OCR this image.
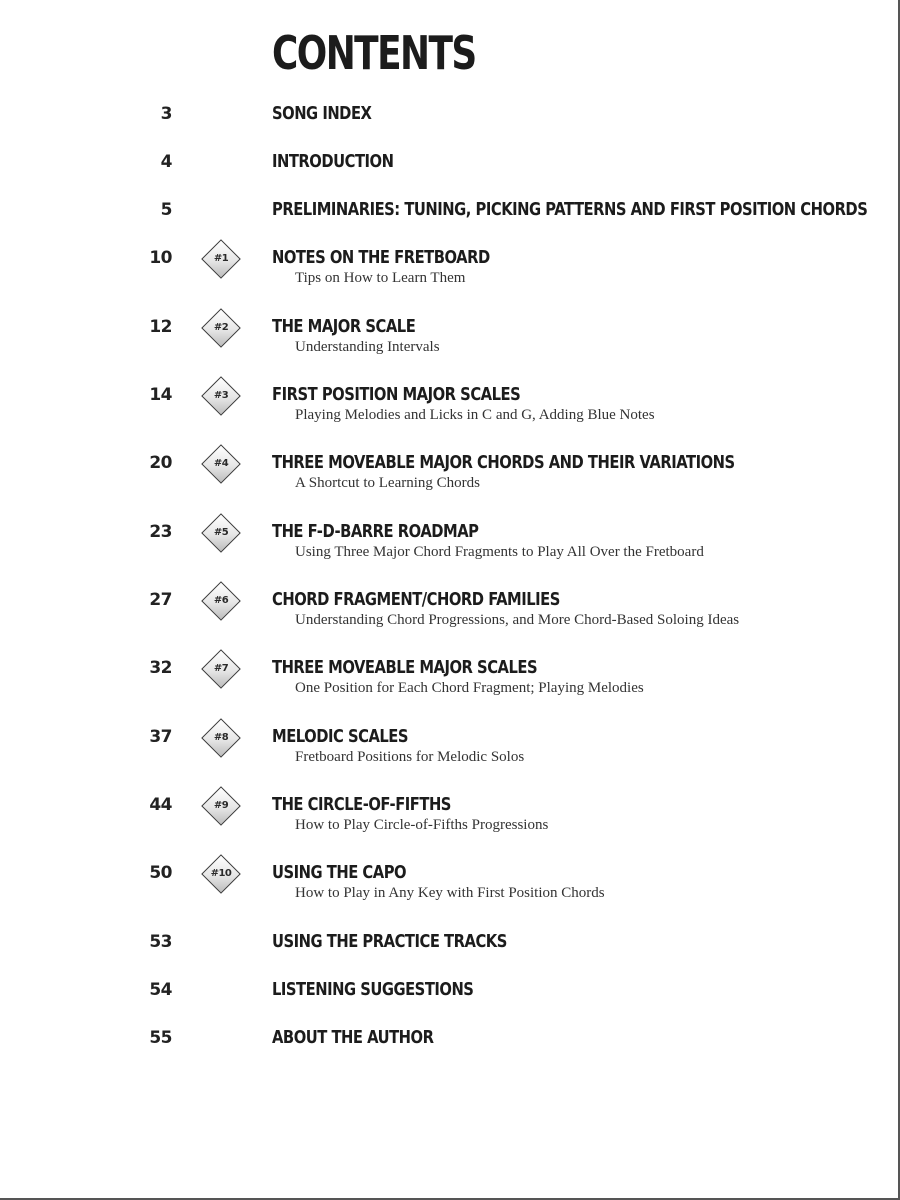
CONTENTS
3	SONG INDEX
4	INTRODUCTION
5	PRELIMINARIES: TUNING, PICKING PATTERNS AND FIRST POSITION CHORDS
10	#1	NOTES ON THE FRETBOARD
Tips on How to Learn Them
12	#2	THE MAJOR SCALE
Understanding Intervals
14	#3	FIRST POSITION MAJOR SCALES
Playing Melodies and Licks in C and G, Adding Blue Notes
20	#4	THREE MOVEABLE MAJOR CHORDS AND THEIR VARIATIONS
A Shortcut to Learning Chords
23	#5	THE F-D-BARRE ROADMAP
Using Three Major Chord Fragments to Play All Over the Fretboard
27	#6	CHORD FRAGMENT/CHORD FAMILIES
Understanding Chord Progressions, and More Chord-Based Soloing Ideas
32	#7	THREE MOVEABLE MAJOR SCALES
One Position for Each Chord Fragment; Playing Melodies
37	#8	MELODIC SCALES
Fretboard Positions for Melodic Solos
44	#9	THE CIRCLE-OF-FIFTHS
How to Play Circle-of-Fifths Progressions
50	#10	USING THE CAPO
How to Play in Any Key with First Position Chords
53	USING THE PRACTICE TRACKS
54	LISTENING SUGGESTIONS
55	ABOUT THE AUTHOR
